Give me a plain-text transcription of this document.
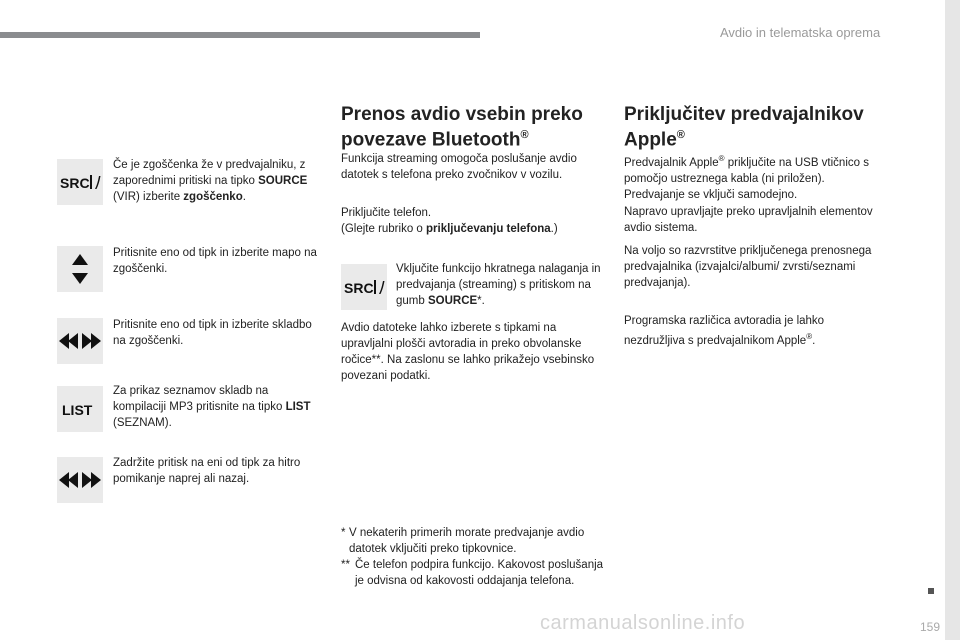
Avdio in telematska oprema
159
SRC
Če je zgoščenka že v predvajalniku, z zaporednimi pritiski na tipko SOURCE (VIR) izberite zgoščenko.
Pritisnite eno od tipk in izberite mapo na zgoščenki.
Pritisnite eno od tipk in izberite skladbo na zgoščenki.
LIST
Za prikaz seznamov skladb na kompilaciji MP3 pritisnite na tipko LIST (SEZNAM).
Zadržite pritisk na eni od tipk za hitro pomikanje naprej ali nazaj.
Prenos avdio vsebin preko
povezave Bluetooth®
Funkcija streaming omogoča poslušanje avdio datotek s telefona preko zvočnikov v vozilu.
Priključite telefon.
(Glejte rubriko o priključevanju telefona.)
SRC
Vključite funkcijo hkratnega nalaganja in predvajanja (streaming) s pritiskom na gumb SOURCE*.
Avdio datoteke lahko izberete s tipkami na upravljalni plošči avtoradia in preko obvolanske ročice**. Na zaslonu se lahko prikažejo vsebinsko povezani podatki.
* V nekaterih primerih morate predvajanje avdio datotek vključiti preko tipkovnice.
** Če telefon podpira funkcijo. Kakovost poslušanja je odvisna od kakovosti oddajanja telefona.
Priključitev predvajalnikov
Apple®
Predvajalnik Apple® priključite na USB vtičnico s pomočjo ustreznega kabla (ni priložen). Predvajanje se vključi samodejno.
Napravo upravljajte preko upravljalnih elementov avdio sistema.
Na voljo so razvrstitve priključenega prenosnega predvajalnika (izvajalci/albumi/ zvrsti/seznami predvajanja).
Programska različica avtoradia je lahko nezdružljiva s predvajalnikom Apple®.
carmanualsonline.info
